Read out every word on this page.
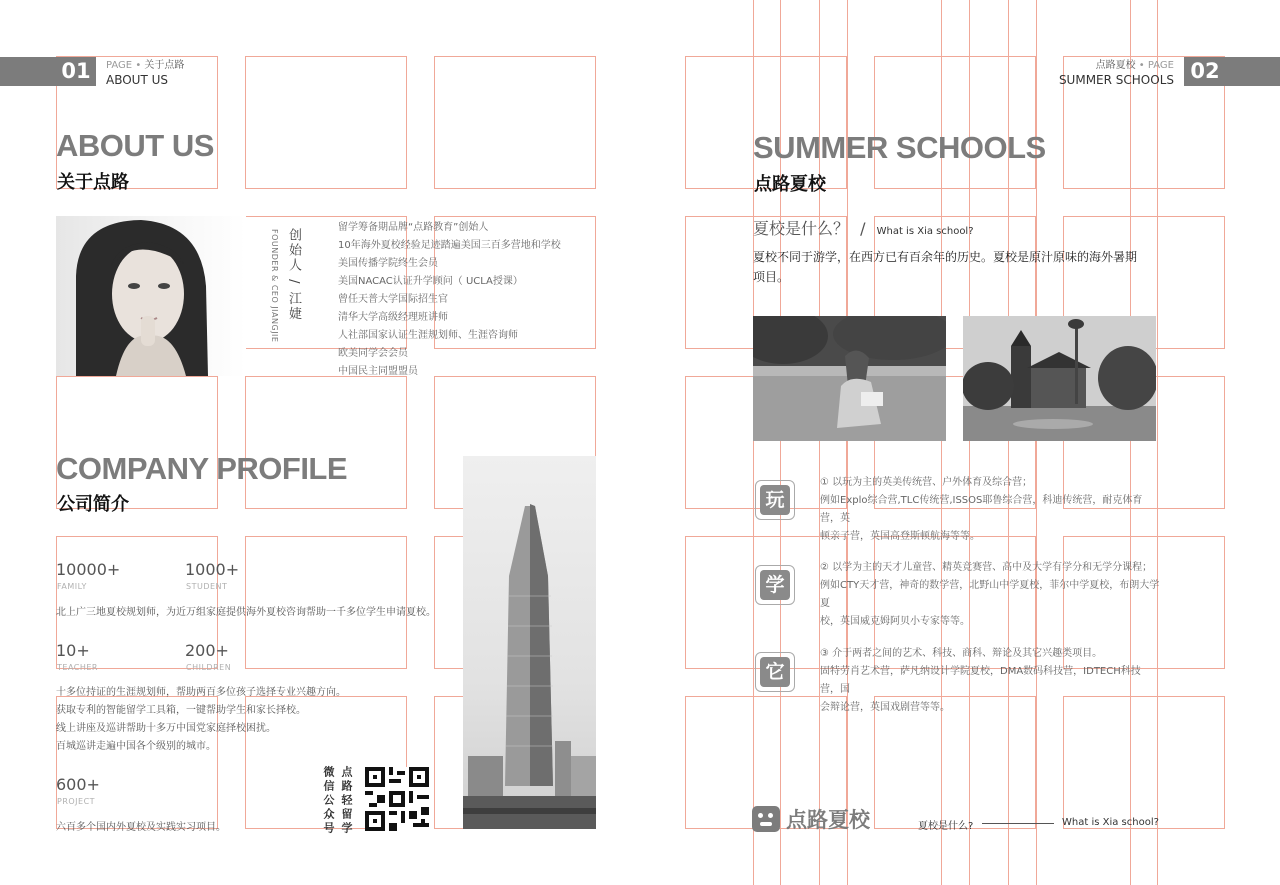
01	PAGE • 关于点路
ABOUT US
ABOUT US
关于点路
创始人 / 江婕
FOUNDER & CEO JIANGJIE
留学筹备期品牌“点路教育”创始人
10年海外夏校经验足迹踏遍美国三百多营地和学校
美国传播学院终生会员
美国NACAC认证升学顾问（ UCLA授课）
曾任天普大学国际招生官
清华大学高级经理班讲师
人社部国家认证生涯规划师、生涯咨询师
欧美同学会会员
中国民主同盟盟员
COMPANY PROFILE
公司简介
10000+
FAMILY
1000+
STUDENT
北上广三地夏校规划师，为近万组家庭提供海外夏校咨询帮助一千多位学生申请夏校。
10+
TEACHER
200+
CHILDREN
十多位持证的生涯规划师，帮助两百多位孩子选择专业兴趣方向。
获取专利的智能留学工具箱，一键帮助学生和家长择校。
线上讲座及巡讲帮助十多万中国党家庭择校困扰。
百城巡讲走遍中国各个级别的城市。
600+
PROJECT
六百多个国内外夏校及实践实习项目。	微信公众号 点路轻留学
02
点路夏校 • PAGE
SUMMER SCHOOLS
SUMMER SCHOOLS
点路夏校
夏校是什么？ / What is Xia school?
夏校不同于游学，在西方已有百余年的历史。夏校是原汁原味的海外暑期
项目。
玩
① 以玩为主的英美传统营、户外体育及综合营；
例如Explo综合营,TLC传统营,ISSOS耶鲁综合营，科迪传统营，耐克体育营，英
顿亲子营，英国高登斯顿航海等等。
学
② 以学为主的天才儿童营、精英竞赛营、高中及大学有学分和无学分课程；
例如CTY天才营，神奇的数学营，北野山中学夏校，菲尔中学夏校，布朗大学夏
校，英国威克姆阿贝小专家等等。
它
③ 介于两者之间的艺术、科技、商科、辩论及其它兴趣类项目。
固特劳肖艺术营，萨凡纳设计学院夏校，DMA数码科技营，IDTECH科技营，国
会辩论营，英国戏剧营等等。
点路夏校	夏校是什么?	What is Xia school?
